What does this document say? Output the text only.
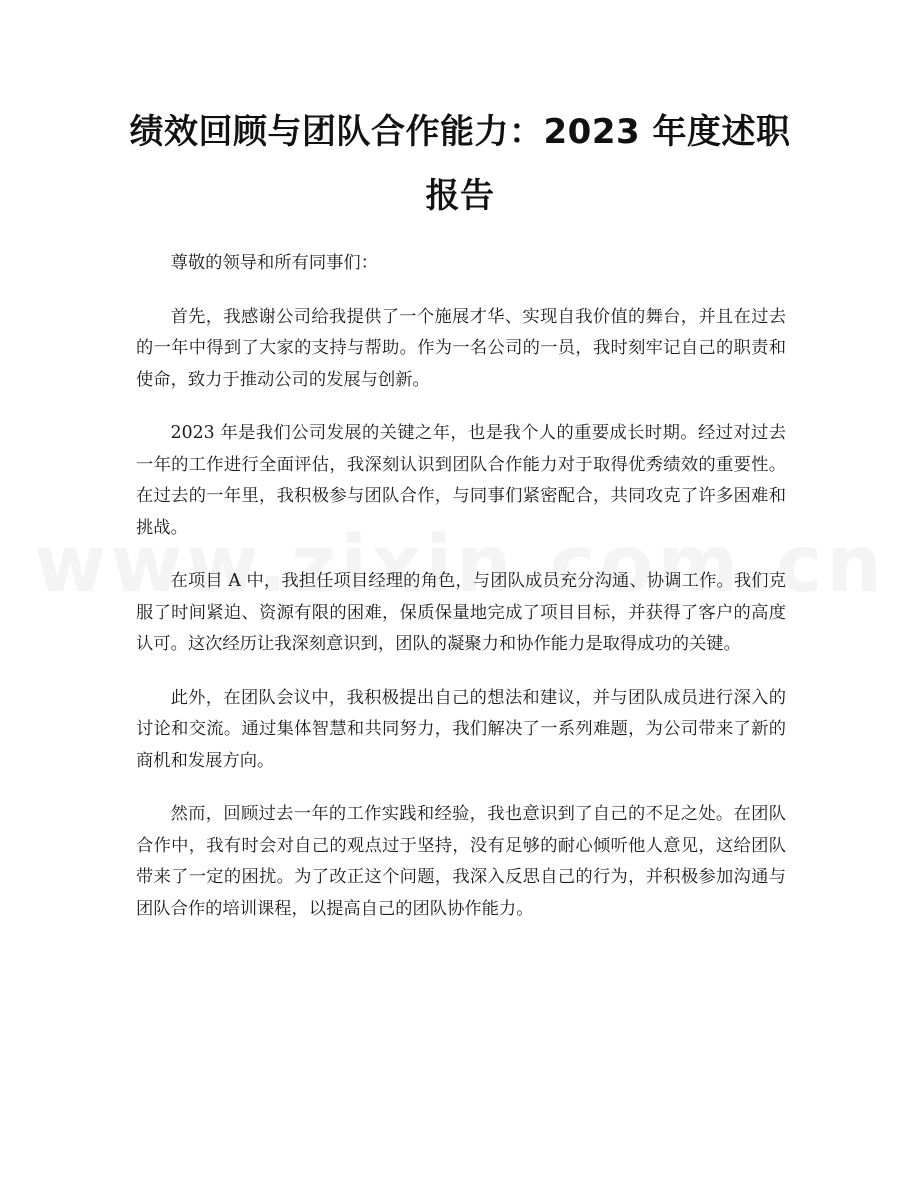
绩效回顾与团队合作能力：2023 年度述职报告

尊敬的领导和所有同事们：

首先，我感谢公司给我提供了一个施展才华、实现自我价值的舞台，并且在过去的一年中得到了大家的支持与帮助。作为一名公司的一员，我时刻牢记自己的职责和使命，致力于推动公司的发展与创新。

2023 年是我们公司发展的关键之年，也是我个人的重要成长时期。经过对过去一年的工作进行全面评估，我深刻认识到团队合作能力对于取得优秀绩效的重要性。在过去的一年里，我积极参与团队合作，与同事们紧密配合，共同攻克了许多困难和挑战。

在项目 A 中，我担任项目经理的角色，与团队成员充分沟通、协调工作。我们克服了时间紧迫、资源有限的困难，保质保量地完成了项目目标，并获得了客户的高度认可。这次经历让我深刻意识到，团队的凝聚力和协作能力是取得成功的关键。

此外，在团队会议中，我积极提出自己的想法和建议，并与团队成员进行深入的讨论和交流。通过集体智慧和共同努力，我们解决了一系列难题，为公司带来了新的商机和发展方向。

然而，回顾过去一年的工作实践和经验，我也意识到了自己的不足之处。在团队合作中，我有时会对自己的观点过于坚持，没有足够的耐心倾听他人意见，这给团队带来了一定的困扰。为了改正这个问题，我深入反思自己的行为，并积极参加沟通与团队合作的培训课程，以提高自己的团队协作能力。
